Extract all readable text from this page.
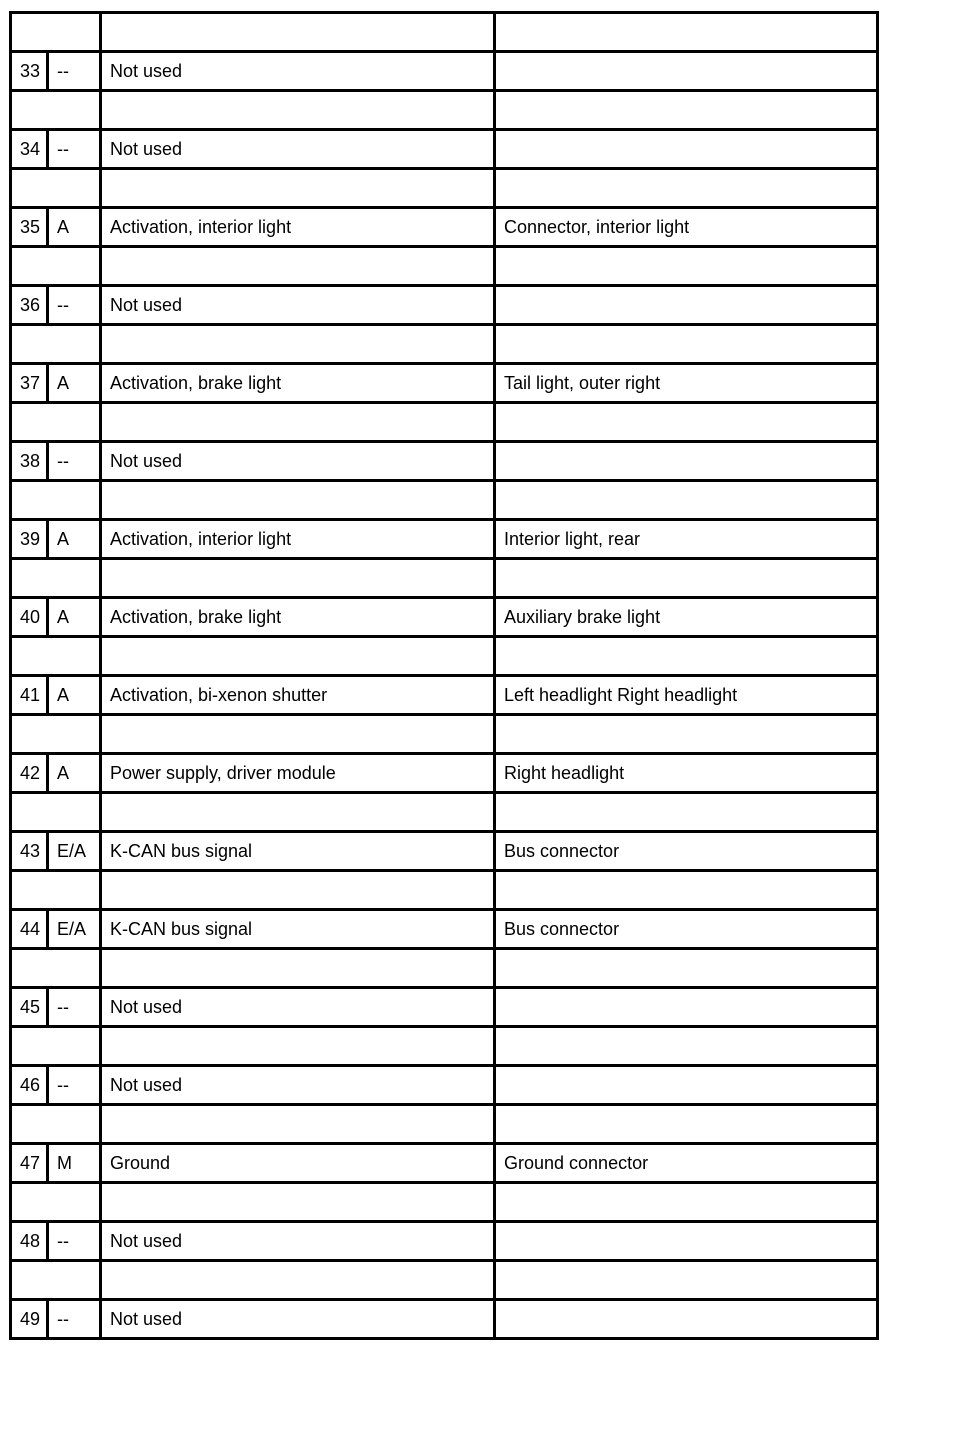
33	--	Not used	

34	--	Not used	

35	A	Activation, interior light	Connector, interior light

36	--	Not used	

37	A	Activation, brake light	Tail light, outer right

38	--	Not used	

39	A	Activation, interior light	Interior light, rear

40	A	Activation, brake light	Auxiliary brake light

41	A	Activation, bi-xenon shutter	Left headlight Right headlight

42	A	Power supply, driver module	Right headlight

43	E/A	K-CAN bus signal	Bus connector

44	E/A	K-CAN bus signal	Bus connector

45	--	Not used	

46	--	Not used	

47	M	Ground	Ground connector

48	--	Not used	

49	--	Not used	
